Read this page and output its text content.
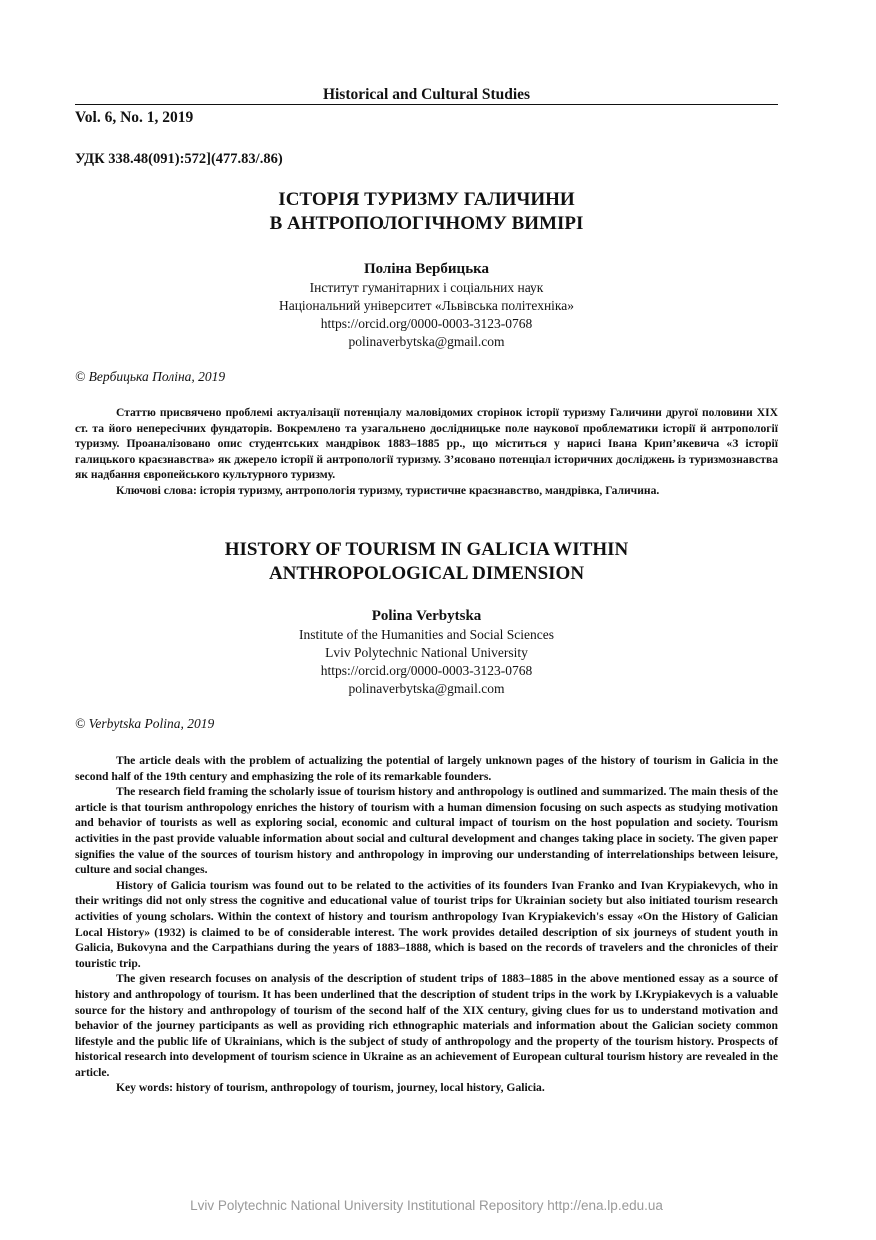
Historical and Cultural Studies
Vol. 6, No. 1, 2019
УДК 338.48(091):572](477.83/.86)
ІСТОРІЯ ТУРИЗМУ ГАЛИЧИНИ
В АНТРОПОЛОГІЧНОМУ ВИМІРІ
Поліна Вербицька
Інститут гуманітарних і соціальних наук
Національний університет «Львівська політехніка»
https://orcid.org/0000-0003-3123-0768
polinaverbytska@gmail.com
© Вербицька Поліна, 2019

Статтю присвячено проблемі актуалізації потенціалу маловідомих сторінок історії туризму Галичини другої половини XIX ст. та його непересічних фундаторів. Вокремлено та узагальнено дослідницьке поле наукової проблематики історії й антропології туризму. Проаналізовано опис студентських мандрівок 1883–1885 рр., що міститься у нарисі Івана Крип’якевича «З історії галицького краєзнавства» як джерело історії й антропології туризму. З’ясовано потенціал історичних досліджень із туризмознавства як надбання європейського культурного туризму.

Ключові слова: історія туризму, антропологія туризму, туристичне краєзнавство, мандрівка, Галичина.

HISTORY OF TOURISM IN GALICIA WITHIN
ANTHROPOLOGICAL DIMENSION
Polina Verbytska
Institute of the Humanities and Social Sciences
Lviv Polytechnic National University
https://orcid.org/0000-0003-3123-0768
polinaverbytska@gmail.com
© Verbytska Polina, 2019

The article deals with the problem of actualizing the potential of largely unknown pages of the history of tourism in Galicia in the second half of the 19th century and emphasizing the role of its remarkable founders.

The research field framing the scholarly issue of tourism history and anthropology is outlined and summarized. The main thesis of the article is that tourism anthropology enriches the history of tourism with a human dimension focusing on such aspects as studying motivation and behavior of tourists as well as exploring social, economic and cultural impact of tourism on the host population and society. Tourism activities in the past provide valuable information about social and cultural development and changes taking place in society. The given paper signifies the value of the sources of tourism history and anthropology in improving our understanding of interrelationships between leisure, culture and social changes.

History of Galicia tourism was found out to be related to the activities of its founders Ivan Franko and Ivan Krypiakevych, who in their writings did not only stress the cognitive and educational value of tourist trips for Ukrainian society but also initiated tourism research activities of young scholars. Within the context of history and tourism anthropology Ivan Krypiakevich's essay «On the History of Galician Local History» (1932) is claimed to be of considerable interest. The work provides detailed description of six journeys of student youth in Galicia, Bukovyna and the Carpathians during the years of 1883–1888, which is based on the records of travelers and the chronicles of their touristic trip.

The given research focuses on analysis of the description of student trips of 1883–1885 in the above mentioned essay as a source of history and anthropology of tourism. It has been underlined that the description of student trips in the work by I.Krypiakevych is a valuable source for the history and anthropology of tourism of the second half of the XIX century, giving clues for us to understand motivation and behavior of the journey participants as well as providing rich ethnographic materials and information about the Galician society common lifestyle and the public life of Ukrainians, which is the subject of study of anthropology and the property of the tourism history. Prospects of historical research into development of tourism science in Ukraine as an achievement of European cultural tourism history are revealed in the article.

Key words: history of tourism, anthropology of tourism, journey, local history, Galicia.

Lviv Polytechnic National University Institutional Repository http://ena.lp.edu.ua
